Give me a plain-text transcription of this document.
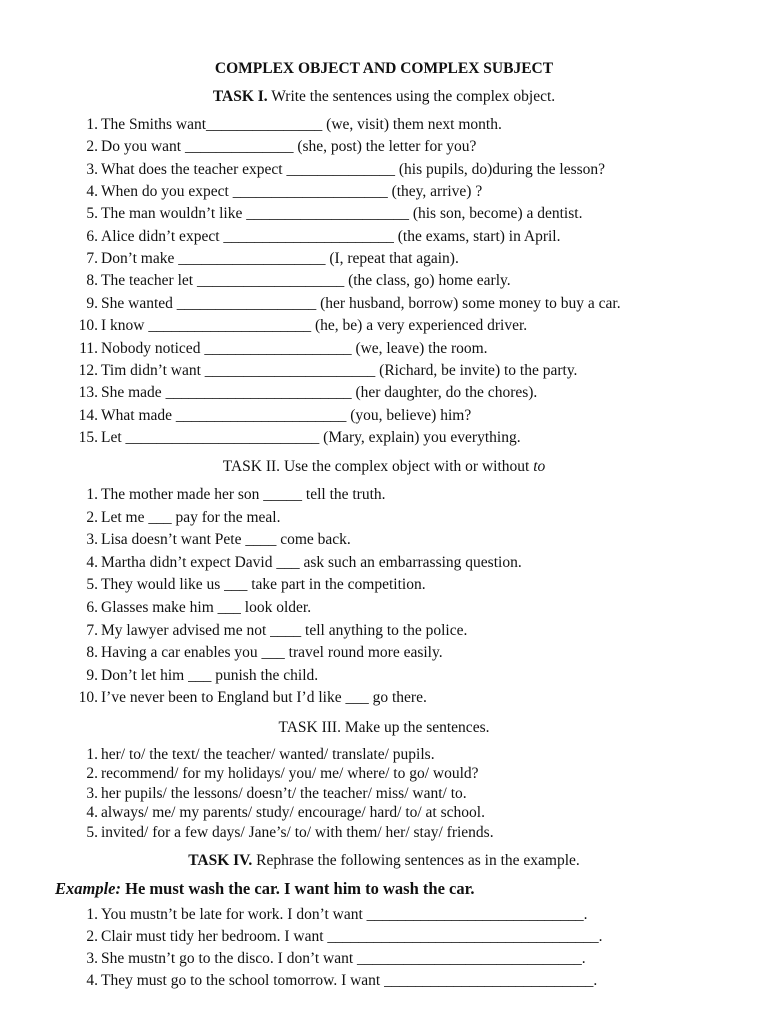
COMPLEX OBJECT AND COMPLEX SUBJECT
TASK I. Write the sentences using the complex object.
1. The Smiths want_______________ (we, visit) them next month.
2. Do you want ______________ (she, post) the letter for you?
3. What does the teacher expect ______________ (his pupils, do)during the lesson?
4. When do you expect ____________________ (they, arrive) ?
5. The man wouldn’t like _____________________ (his son, become) a dentist.
6. Alice didn’t expect ______________________ (the exams, start) in April.
7. Don’t make ___________________ (I, repeat that again).
8. The teacher let ___________________ (the class, go) home early.
9. She wanted __________________ (her husband, borrow) some money to buy a car.
10. I know _____________________ (he, be) a very experienced driver.
11. Nobody noticed ___________________ (we, leave) the room.
12. Tim didn’t want ______________________ (Richard, be invite) to the party.
13. She made ________________________ (her daughter, do the chores).
14. What made ______________________ (you, believe) him?
15. Let _________________________ (Mary, explain) you everything.
TASK II. Use the complex object with or without to
1. The mother made her son _____ tell the truth.
2. Let me ___ pay for the meal.
3. Lisa doesn’t want Pete ____ come back.
4. Martha didn’t expect David ___ ask such an embarrassing question.
5. They would like us ___ take part in the competition.
6. Glasses make him ___ look older.
7. My lawyer advised me not ____ tell anything to the police.
8. Having a car enables you ___ travel round more easily.
9. Don’t let him ___ punish the child.
10. I’ve never been to England but I’d like ___ go there.
TASK III. Make up the sentences.
1. her/ to/ the text/ the teacher/ wanted/ translate/ pupils.
2. recommend/ for my holidays/ you/ me/ where/ to go/ would?
3. her pupils/ the lessons/ doesn’t/ the teacher/ miss/ want/ to.
4. always/ me/ my parents/ study/ encourage/ hard/ to/ at school.
5. invited/ for a few days/ Jane’s/ to/ with them/ her/ stay/ friends.
TASK IV. Rephrase the following sentences as in the example.
Example: He must wash the car. I want him to wash the car.
1. You mustn’t be late for work. I don’t want ____________________________.
2. Clair must tidy her bedroom. I want ___________________________________.
3. She mustn’t go to the disco. I don’t want _____________________________.
4. They must go to the school tomorrow. I want ___________________________.
